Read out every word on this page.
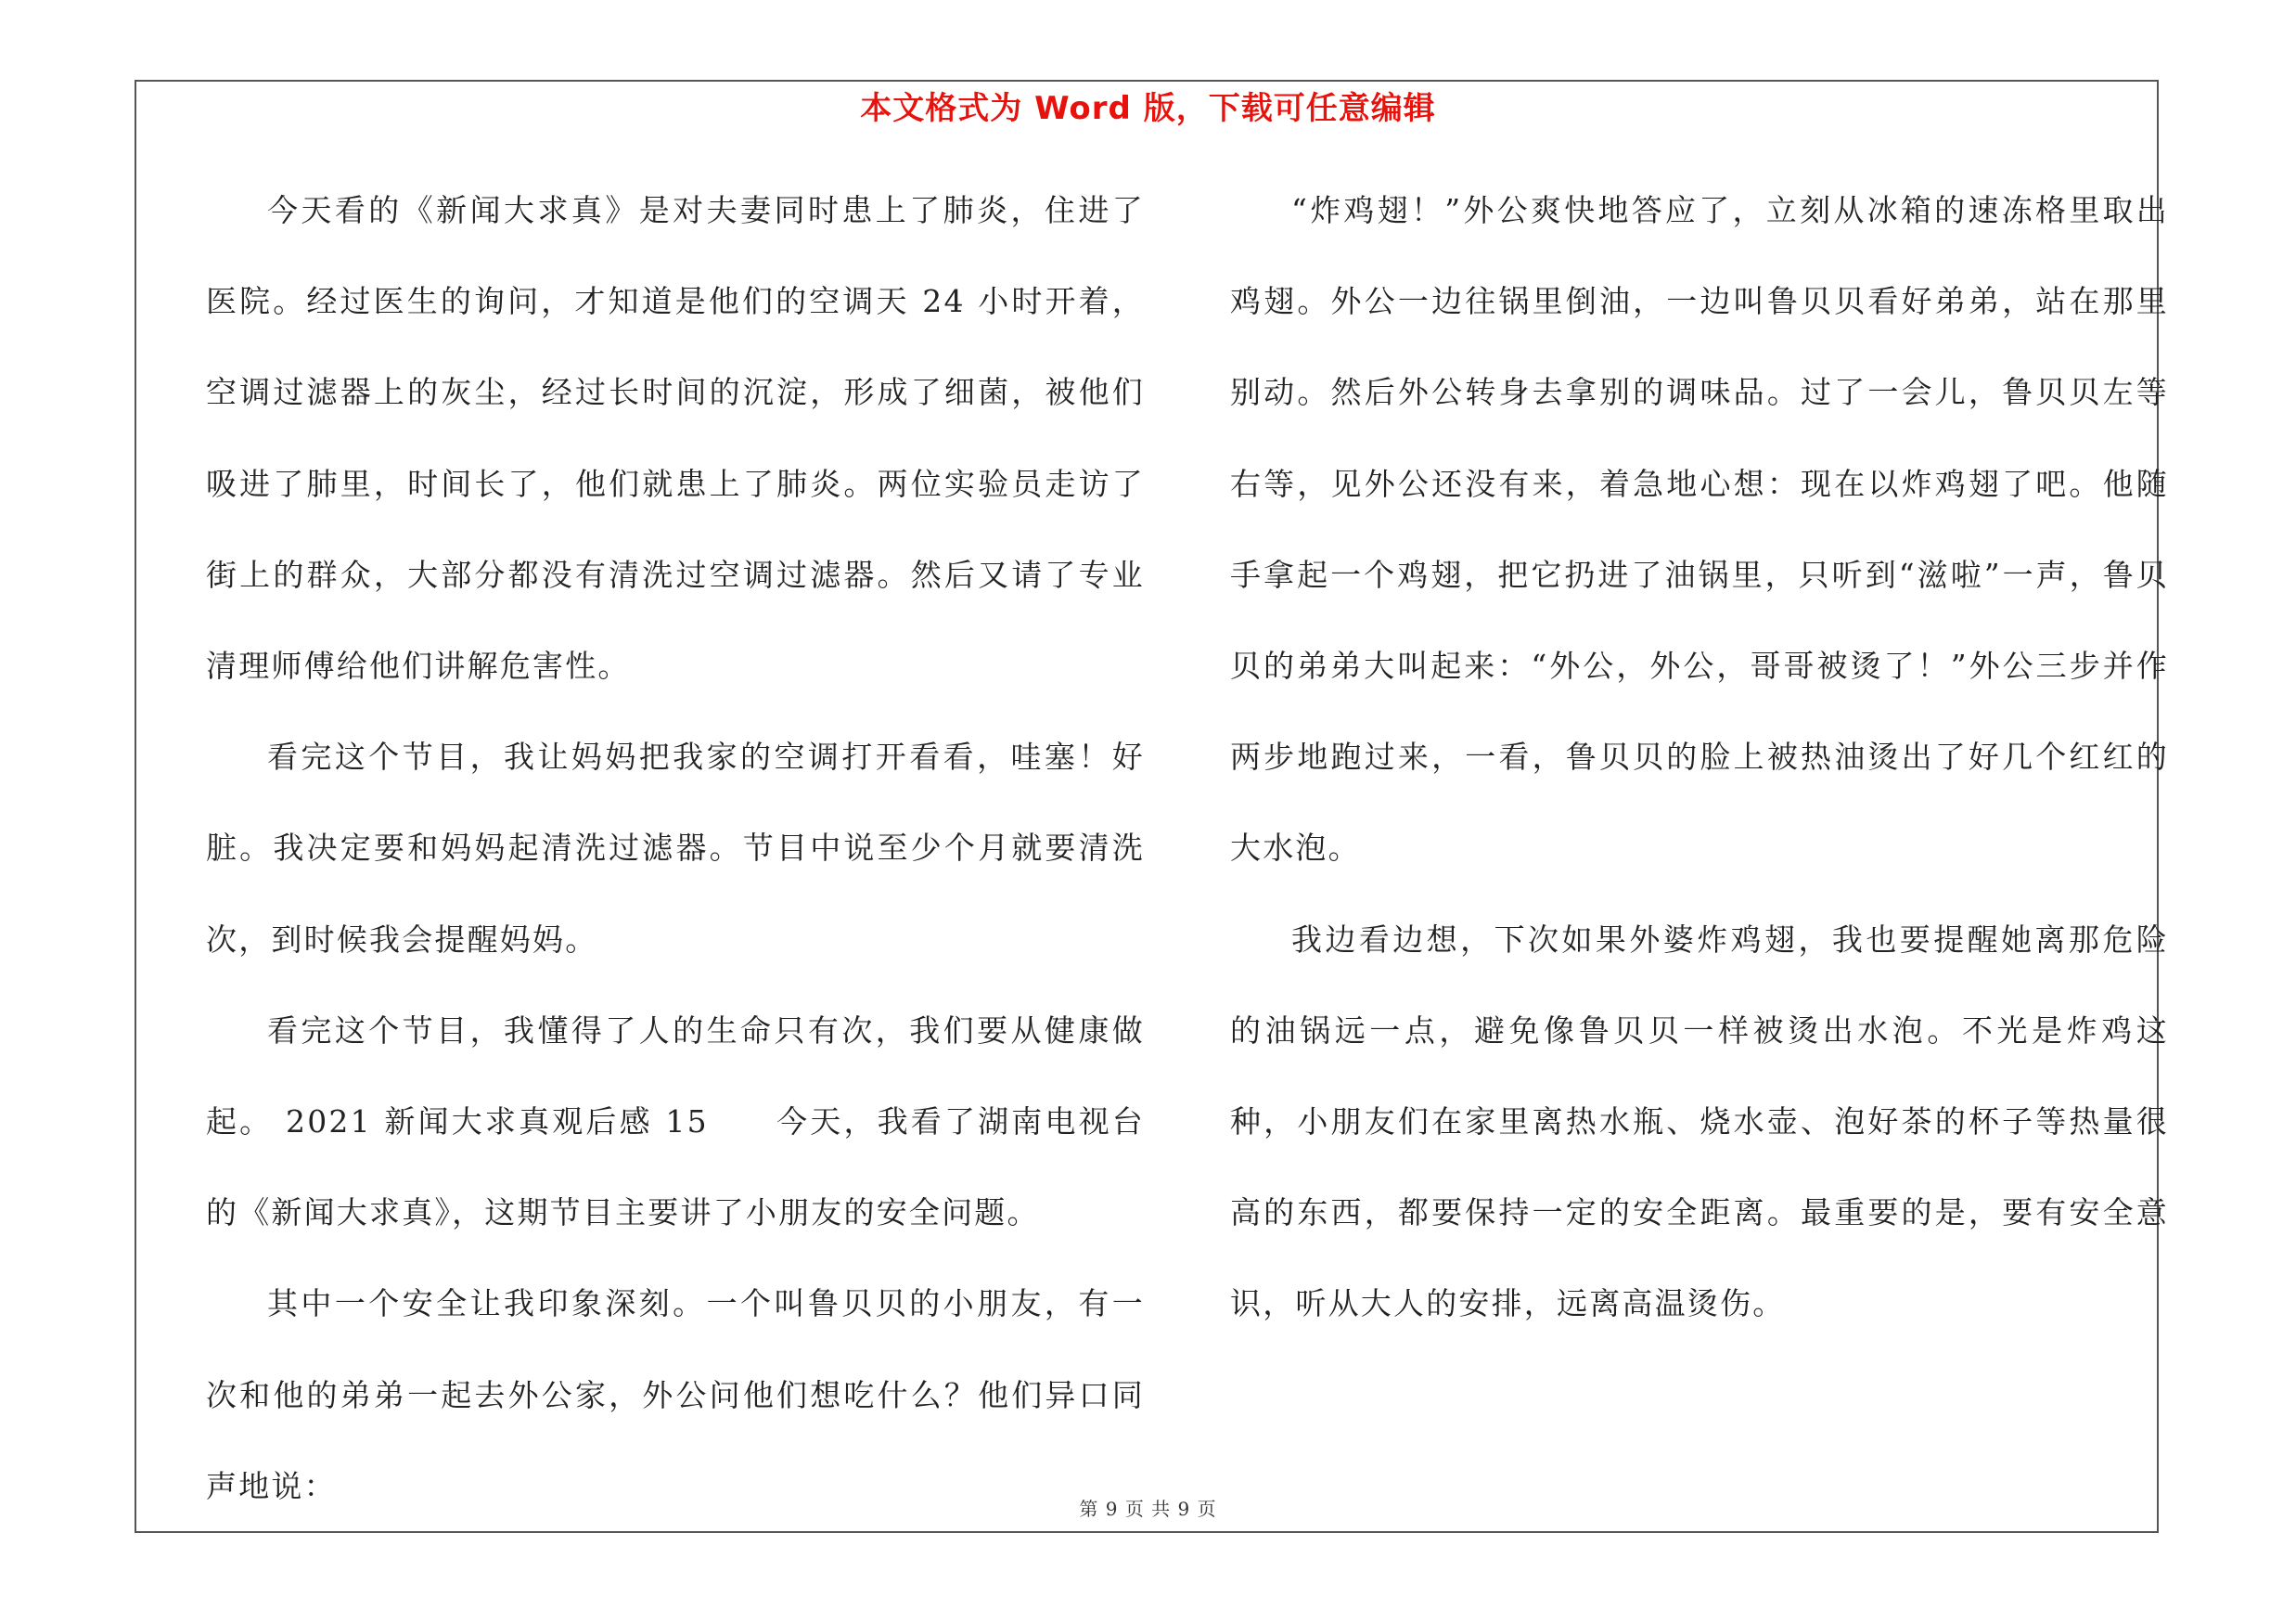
本文格式为 Word 版，下载可任意编辑

今天看的《新闻大求真》是对夫妻同时患上了肺炎，住进了医院。经过医生的询问，才知道是他们的空调天 24 小时开着，空调过滤器上的灰尘，经过长时间的沉淀，形成了细菌，被他们吸进了肺里，时间长了，他们就患上了肺炎。两位实验员走访了街上的群众，大部分都没有清洗过空调过滤器。然后又请了专业清理师傅给他们讲解危害性。

看完这个节目，我让妈妈把我家的空调打开看看，哇塞！好脏。我决定要和妈妈起清洗过滤器。节目中说至少个月就要清洗次，到时候我会提醒妈妈。

看完这个节目，我懂得了人的生命只有次，我们要从健康做起。 2021 新闻大求真观后感 15　　今天，我看了湖南电视台的《新闻大求真》，这期节目主要讲了小朋友的安全问题。

其中一个安全让我印象深刻。一个叫鲁贝贝的小朋友，有一次和他的弟弟一起去外公家，外公问他们想吃什么？他们异口同声地说：

“炸鸡翅！”外公爽快地答应了，立刻从冰箱的速冻格里取出鸡翅。外公一边往锅里倒油，一边叫鲁贝贝看好弟弟，站在那里别动。然后外公转身去拿别的调味品。过了一会儿，鲁贝贝左等右等，见外公还没有来，着急地心想：现在以炸鸡翅了吧。他随手拿起一个鸡翅，把它扔进了油锅里，只听到“滋啦”一声，鲁贝贝的弟弟大叫起来：“外公，外公，哥哥被烫了！”外公三步并作两步地跑过来，一看，鲁贝贝的脸上被热油烫出了好几个红红的大水泡。

我边看边想，下次如果外婆炸鸡翅，我也要提醒她离那危险的油锅远一点，避免像鲁贝贝一样被烫出水泡。不光是炸鸡这种，小朋友们在家里离热水瓶、烧水壶、泡好茶的杯子等热量很高的东西，都要保持一定的安全距离。最重要的是，要有安全意识，听从大人的安排，远离高温烫伤。

第 9 页 共 9 页
